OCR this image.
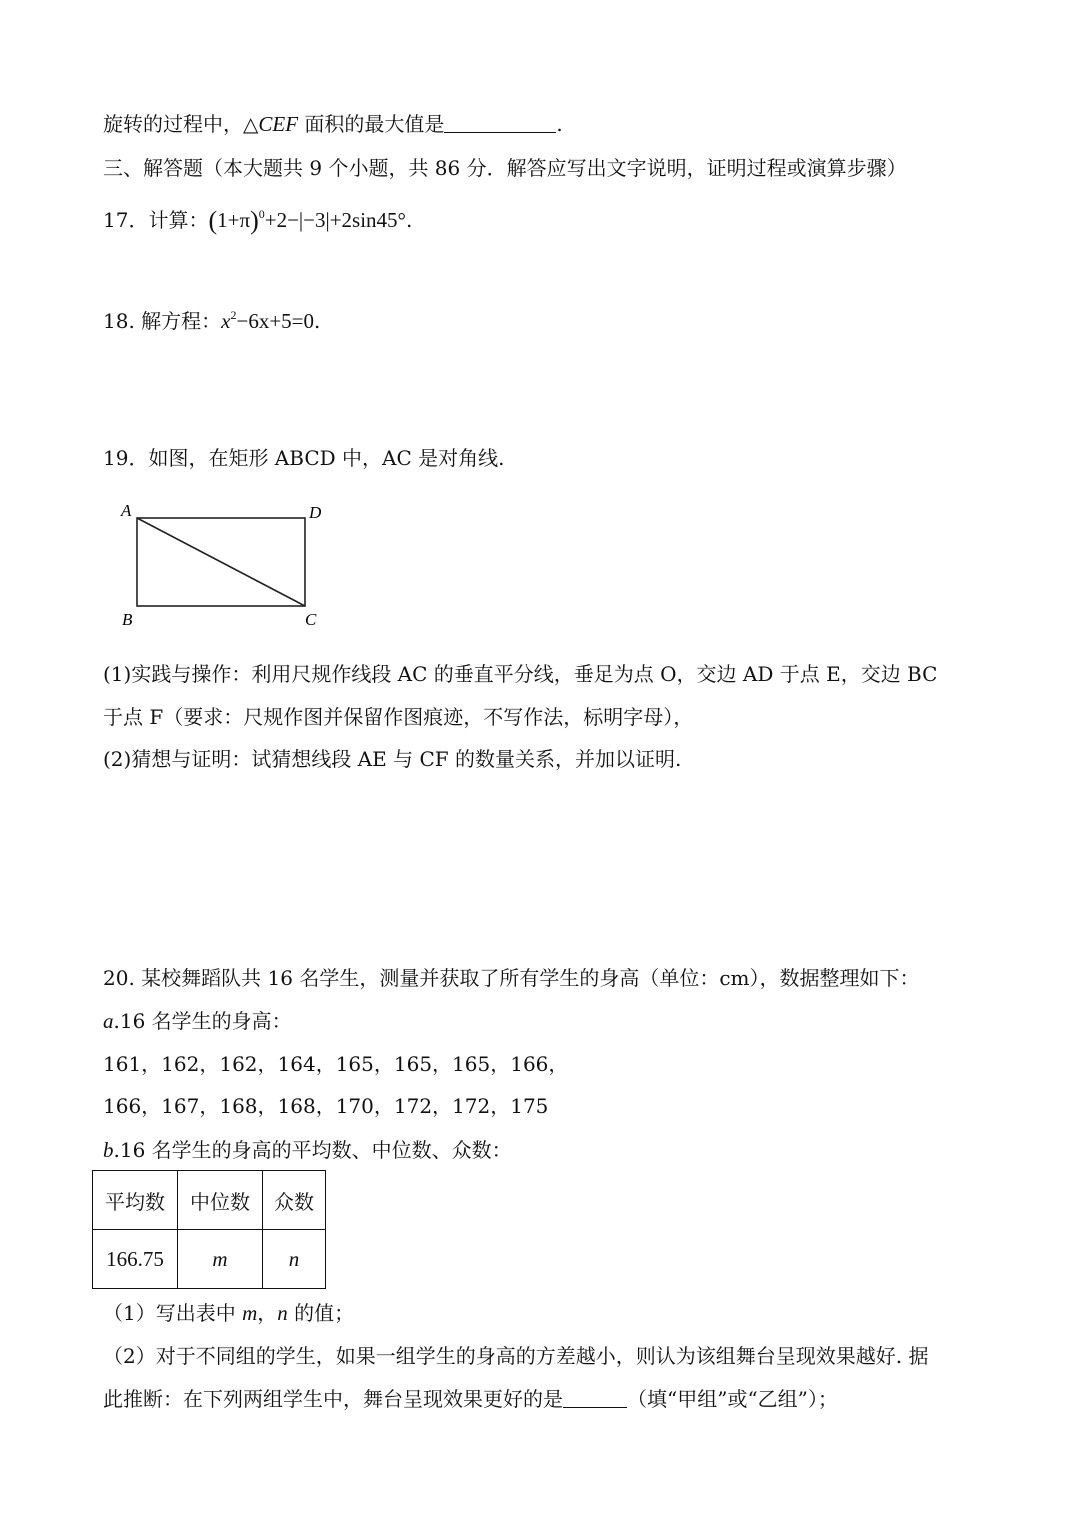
旋转的过程中，△CEF 面积的最大值是	.
三、解答题（本大题共 9 个小题，共 86 分．解答应写出文字说明，证明过程或演算步骤）
17．计算：$(1+\pi)^0+2-|-3|+2\sin 45^\circ$.
18. 解方程：$x^2-6x+5=0$.
19．如图，在矩形 ABCD 中，AC 是对角线.
A	D
B	C
(1)实践与操作：利用尺规作线段 AC 的垂直平分线，垂足为点 O，交边 AD 于点 E，交边 BC
于点 F（要求：尺规作图并保留作图痕迹，不写作法，标明字母），
(2)猜想与证明：试猜想线段 AE 与 CF 的数量关系，并加以证明.
20. 某校舞蹈队共 16 名学生，测量并获取了所有学生的身高（单位：cm），数据整理如下：
a.16 名学生的身高：
161，162，162，164，165，165，165，166，
166，167，168，168，170，172，172，175
b.16 名学生的身高的平均数、中位数、众数：
平均数	中位数	众数
166.75	m	n
（1）写出表中 m，n 的值；
（2）对于不同组的学生，如果一组学生的身高的方差越小，则认为该组舞台呈现效果越好. 据
此推断：在下列两组学生中，舞台呈现效果更好的是	（填“甲组”或“乙组”）；
